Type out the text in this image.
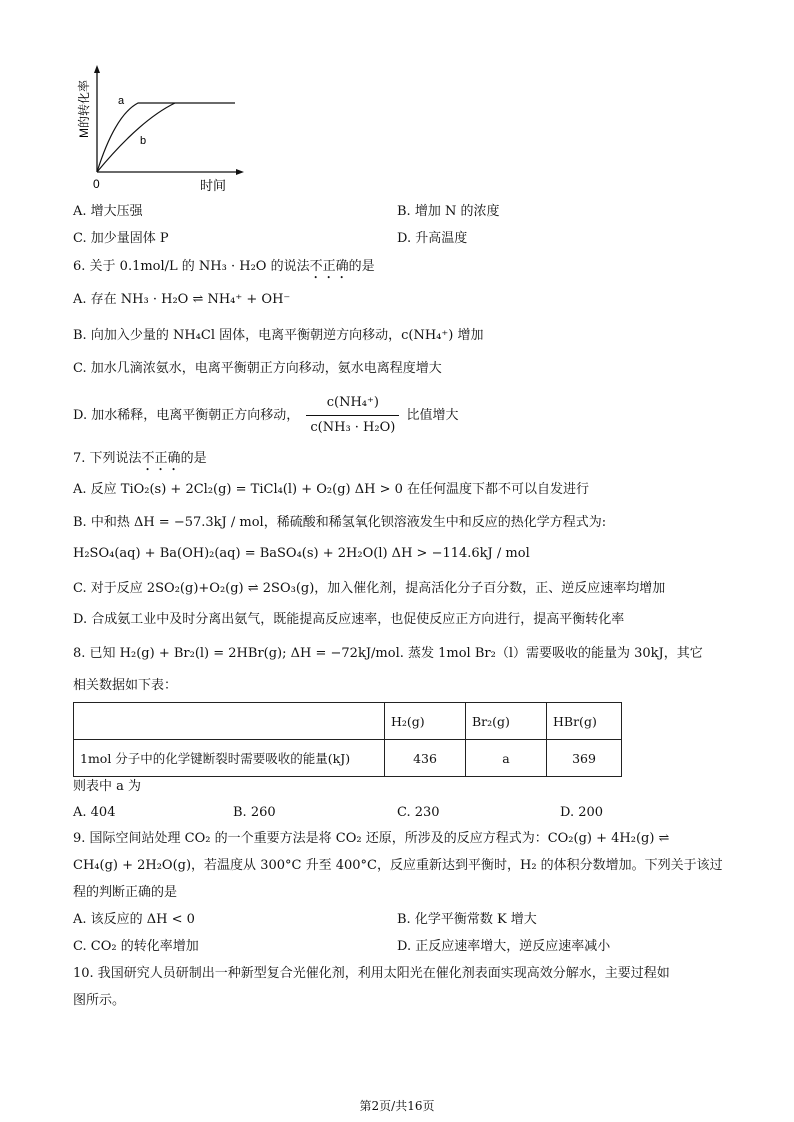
a
b
0	时间
M的转化率
A. 增大压强	B. 增加 N 的浓度
C. 加少量固体 P	D. 升高温度
6. 关于 0.1mol/L 的 NH₃ · H₂O 的说法不正确的是
A. 存在 NH₃ · H₂O ⇌ NH₄⁺ + OH⁻
B. 向加入少量的 NH₄Cl 固体，电离平衡朝逆方向移动，c(NH₄⁺) 增加
C. 加水几滴浓氨水，电离平衡朝正方向移动，氨水电离程度增大
D. 加水稀释，电离平衡朝正方向移动， $\frac{\text{c(NH₄⁺)}}{\text{c(NH₃ · H₂O)}}$ 比值增大
7. 下列说法不正确的是
A. 反应 TiO₂(s) + 2Cl₂(g) = TiCl₄(l) + O₂(g) ΔH > 0 在任何温度下都不可以自发进行
B. 中和热 ΔH = −57.3kJ / mol，稀硫酸和稀氢氧化钡溶液发生中和反应的热化学方程式为:
H₂SO₄(aq) + Ba(OH)₂(aq) = BaSO₄(s) + 2H₂O(l) ΔH > −114.6kJ / mol
C. 对于反应 2SO₂(g)+O₂(g) ⇌ 2SO₃(g)，加入催化剂，提高活化分子百分数，正、逆反应速率均增加
D. 合成氨工业中及时分离出氨气，既能提高反应速率，也促使反应正方向进行，提高平衡转化率
8. 已知 H₂(g) + Br₂(l) = 2HBr(g); ΔH = −72kJ/mol. 蒸发 1mol Br₂（l）需要吸收的能量为 30kJ，其它
相关数据如下表：
	H₂(g)	Br₂(g)	HBr(g)
1mol 分子中的化学键断裂时需要吸收的能量(kJ)	436	a	369
则表中 a 为
A. 404	B. 260	C. 230	D. 200
9. 国际空间站处理 CO₂ 的一个重要方法是将 CO₂ 还原，所涉及的反应方程式为：CO₂(g) + 4H₂(g) ⇌
CH₄(g) + 2H₂O(g)，若温度从 300°C 升至 400°C，反应重新达到平衡时，H₂ 的体积分数增加。下列关于该过
程的判断正确的是
A. 该反应的 ΔH < 0	B. 化学平衡常数 K 增大
C. CO₂ 的转化率增加	D. 正反应速率增大，逆反应速率减小
10. 我国研究人员研制出一种新型复合光催化剂，利用太阳光在催化剂表面实现高效分解水，主要过程如
图所示。
第2页/共16页
